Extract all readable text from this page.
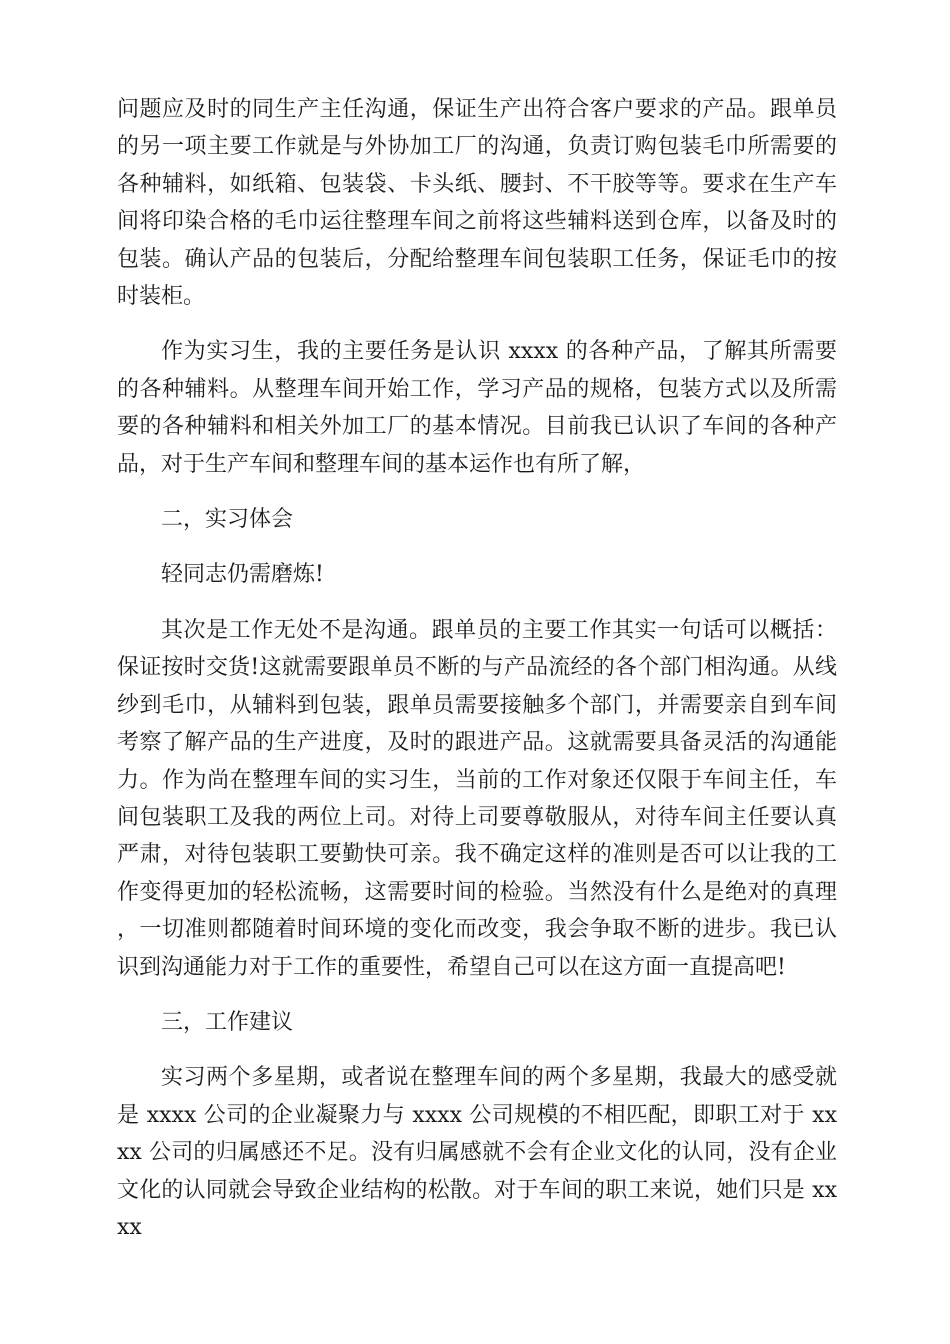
问题应及时的同生产主任沟通，保证生产出符合客户要求的产品。跟单员的另一项主要工作就是与外协加工厂的沟通，负责订购包装毛巾所需要的各种辅料，如纸箱、包装袋、卡头纸、腰封、不干胶等等。要求在生产车间将印染合格的毛巾运往整理车间之前将这些辅料送到仓库，以备及时的包装。确认产品的包装后，分配给整理车间包装职工任务，保证毛巾的按时装柜。

作为实习生，我的主要任务是认识 xxxx 的各种产品，了解其所需要的各种辅料。从整理车间开始工作，学习产品的规格，包装方式以及所需要的各种辅料和相关外加工厂的基本情况。目前我已认识了车间的各种产品，对于生产车间和整理车间的基本运作也有所了解，

二，实习体会

轻同志仍需磨炼!

其次是工作无处不是沟通。跟单员的主要工作其实一句话可以概括：保证按时交货!这就需要跟单员不断的与产品流经的各个部门相沟通。从线纱到毛巾，从辅料到包装，跟单员需要接触多个部门，并需要亲自到车间考察了解产品的生产进度，及时的跟进产品。这就需要具备灵活的沟通能力。作为尚在整理车间的实习生，当前的工作对象还仅限于车间主任，车间包装职工及我的两位上司。对待上司要尊敬服从，对待车间主任要认真严肃，对待包装职工要勤快可亲。我不确定这样的准则是否可以让我的工作变得更加的轻松流畅，这需要时间的检验。当然没有什么是绝对的真理，一切准则都随着时间环境的变化而改变，我会争取不断的进步。我已认识到沟通能力对于工作的重要性，希望自己可以在这方面一直提高吧!

三，工作建议

实习两个多星期，或者说在整理车间的两个多星期，我最大的感受就是 xxxx 公司的企业凝聚力与 xxxx 公司规模的不相匹配，即职工对于 xxxx 公司的归属感还不足。没有归属感就不会有企业文化的认同，没有企业文化的认同就会导致企业结构的松散。对于车间的职工来说，她们只是 xxxx
